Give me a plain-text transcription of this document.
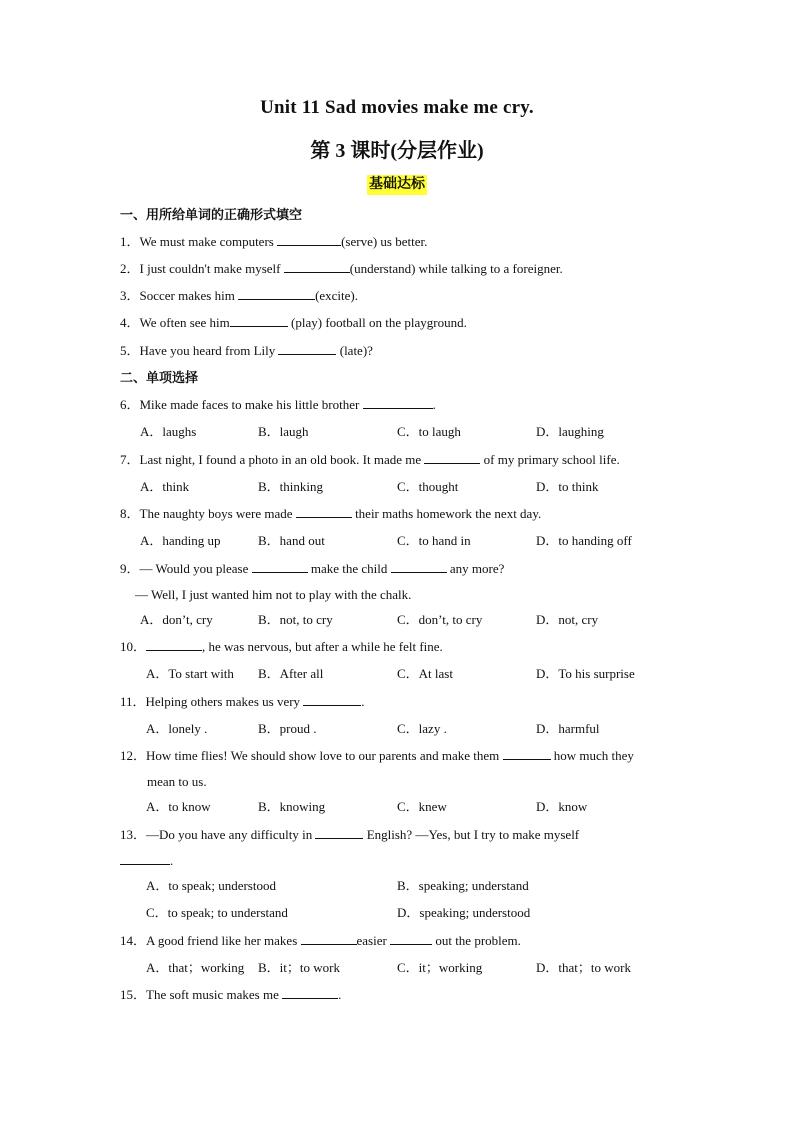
Unit 11 Sad movies make me cry.
第 3 课时(分层作业)
基础达标
一、用所给单词的正确形式填空
1．We must make computers	(serve) us better.
2．I just couldn't make myself	(understand) while talking to a foreigner.
3．Soccer makes him	(excite).
4．We often see him	(play) football on the playground.
5．Have you heard from Lily	(late)?
二、单项选择
6．Mike made faces to make his little brother	.
A．laughs	B．laugh	C．to laugh	D．laughing
7．Last night, I found a photo in an old book. It made me	of my primary school life.
A．think	B．thinking	C．thought	D．to think
8．The naughty boys were made	their maths homework the next day.
A．handing up	B．hand out	C．to hand in	D．to handing off
9．— Would you please	make the child	any more?
— Well, I just wanted him not to play with the chalk.
A．don’t, cry	B．not, to cry	C．don’t, to cry	D．not, cry
10．	, he was nervous, but after a while he felt fine.
A．To start with B．After all	C．At last	D．To his surprise
11．Helping others makes us very	.
A．lonely .	B．proud .	C．lazy .	D．harmful
12．How time flies! We should show love to our parents and make them	how much they
mean to us.
A．to know	B．knowing	C．knew	D．know
13．—Do you have any difficulty in	English? —Yes, but I try to make myself
.
A．to speak; understood	B．speaking; understand
C．to speak; to understand	D．speaking; understood
14．A good friend like her makes	easier	out the problem.
A．that；working B．it；to work	C．it；working	D．that；to work
15．The soft music makes me	.
